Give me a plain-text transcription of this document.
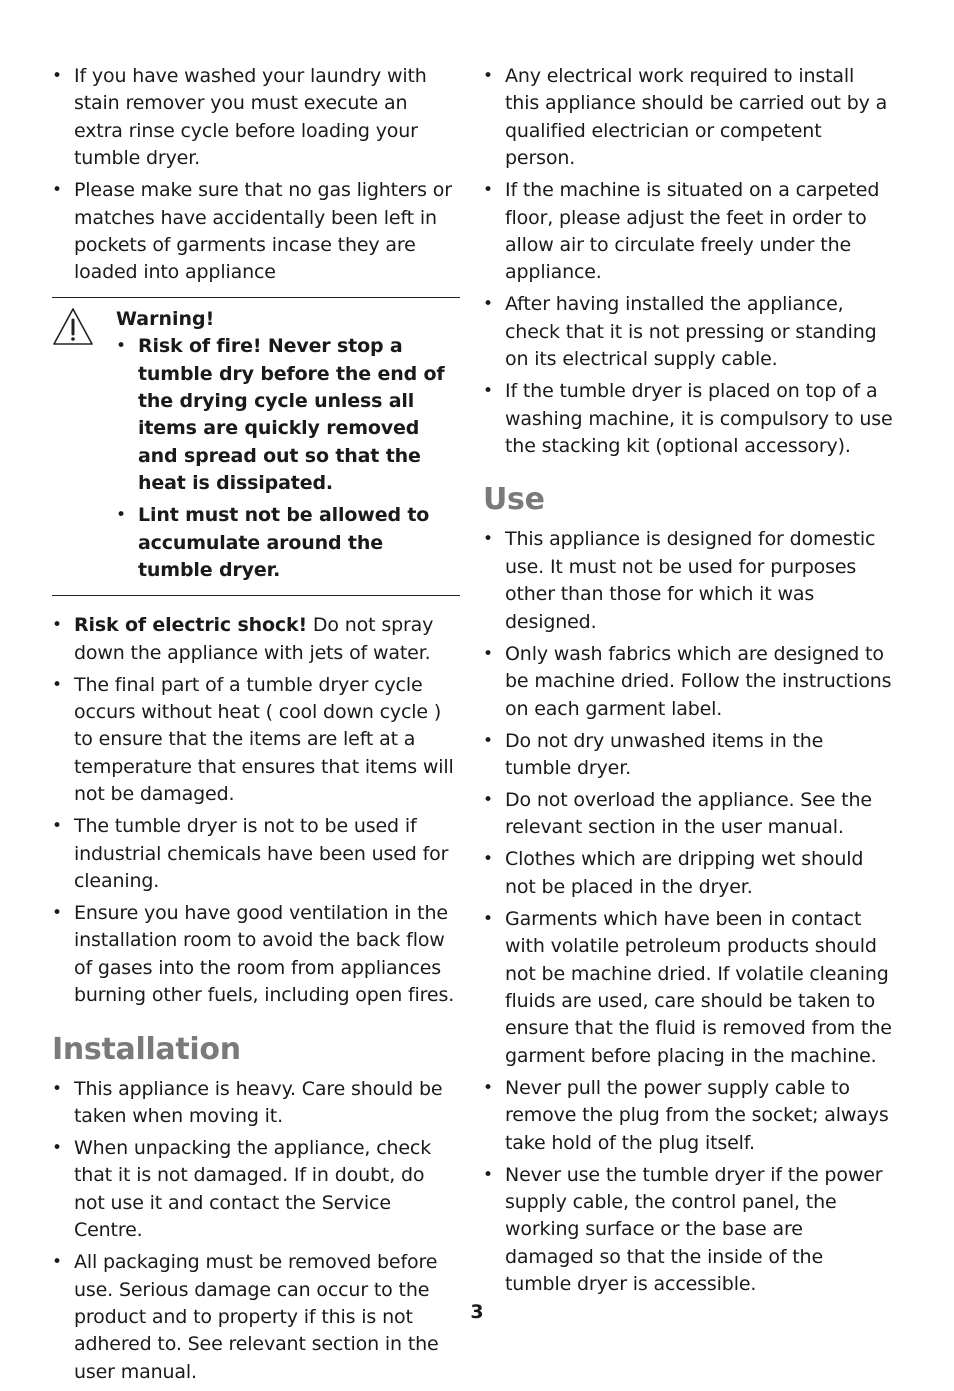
• If you have washed your laundry with stain remover you must execute an extra rinse cycle before loading your tumble dryer.
• Please make sure that no gas lighters or matches have accidentally been left in pockets of garments incase they are loaded into appliance
Warning!
• Risk of fire! Never stop a tumble dry before the end of the drying cycle unless all items are quickly removed and spread out so that the heat is dissipated.
• Lint must not be allowed to accumulate around the tumble dryer.
• Risk of electric shock! Do not spray down the appliance with jets of water.
• The final part of a tumble dryer cycle occurs without heat ( cool down cycle ) to ensure that the items are left at a temperature that ensures that items will not be damaged.
• The tumble dryer is not to be used if industrial chemicals have been used for cleaning.
• Ensure you have good ventilation in the installation room to avoid the back flow of gases into the room from appliances burning other fuels, including open fires.
Installation
• This appliance is heavy. Care should be taken when moving it.
• When unpacking the appliance, check that it is not damaged. If in doubt, do not use it and contact the Service Centre.
• All packaging must be removed before use. Serious damage can occur to the product and to property if this is not adhered to. See relevant section in the user manual.
• Any electrical work required to install this appliance should be carried out by a qualified electrician or competent person.
• If the machine is situated on a carpeted floor, please adjust the feet in order to allow air to circulate freely under the appliance.
• After having installed the appliance, check that it is not pressing or standing on its electrical supply cable.
• If the tumble dryer is placed on top of a washing machine, it is compulsory to use the stacking kit (optional accessory).
Use
• This appliance is designed for domestic use. It must not be used for purposes other than those for which it was designed.
• Only wash fabrics which are designed to be machine dried. Follow the instructions on each garment label.
• Do not dry unwashed items in the tumble dryer.
• Do not overload the appliance. See the relevant section in the user manual.
• Clothes which are dripping wet should not be placed in the dryer.
• Garments which have been in contact with volatile petroleum products should not be machine dried. If volatile cleaning fluids are used, care should be taken to ensure that the fluid is removed from the garment before placing in the machine.
• Never pull the power supply cable to remove the plug from the socket; always take hold of the plug itself.
• Never use the tumble dryer if the power supply cable, the control panel, the working surface or the base are damaged so that the inside of the tumble dryer is accessible.
3
